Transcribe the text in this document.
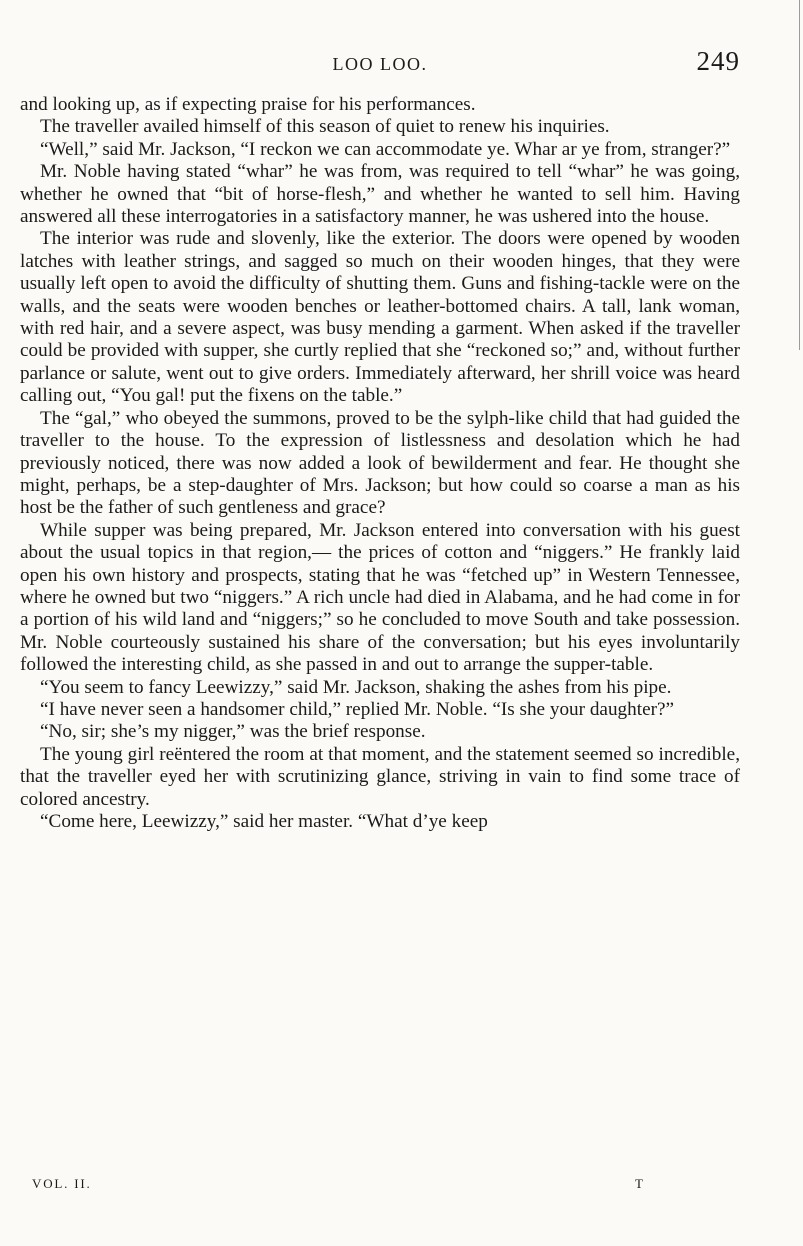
LOO LOO.	249

and looking up, as if expecting praise for his performances.

The traveller availed himself of this season of quiet to renew his inquiries.

“Well,” said Mr. Jackson, “I reckon we can accommodate ye. Whar ar ye from, stranger?”

Mr. Noble having stated “whar” he was from, was required to tell “whar” he was going, whether he owned that “bit of horse-flesh,” and whether he wanted to sell him. Having answered all these interrogatories in a satisfactory manner, he was ushered into the house.

The interior was rude and slovenly, like the exterior. The doors were opened by wooden latches with leather strings, and sagged so much on their wooden hinges, that they were usually left open to avoid the difficulty of shutting them. Guns and fishing-tackle were on the walls, and the seats were wooden benches or leather-bottomed chairs. A tall, lank woman, with red hair, and a severe aspect, was busy mending a garment. When asked if the traveller could be provided with supper, she curtly replied that she “reckoned so;” and, without further parlance or salute, went out to give orders. Immediately afterward, her shrill voice was heard calling out, “You gal! put the fixens on the table.”

The “gal,” who obeyed the summons, proved to be the sylph-like child that had guided the traveller to the house. To the expression of listlessness and desolation which he had previously noticed, there was now added a look of bewilderment and fear. He thought she might, perhaps, be a step-daughter of Mrs. Jackson; but how could so coarse a man as his host be the father of such gentleness and grace?

While supper was being prepared, Mr. Jackson entered into conversation with his guest about the usual topics in that region,— the prices of cotton and “niggers.” He frankly laid open his own history and prospects, stating that he was “fetched up” in Western Tennessee, where he owned but two “niggers.” A rich uncle had died in Alabama, and he had come in for a portion of his wild land and “niggers;” so he concluded to move South and take possession. Mr. Noble courteously sustained his share of the conversation; but his eyes involuntarily followed the interesting child, as she passed in and out to arrange the supper-table.

“You seem to fancy Leewizzy,” said Mr. Jackson, shaking the ashes from his pipe.

“I have never seen a handsomer child,” replied Mr. Noble. “Is she your daughter?”

“No, sir; she’s my nigger,” was the brief response.

The young girl reëntered the room at that moment, and the statement seemed so incredible, that the traveller eyed her with scrutinizing glance, striving in vain to find some trace of colored ancestry.

“Come here, Leewizzy,” said her master. “What d’ye keep

VOL. II.	T
